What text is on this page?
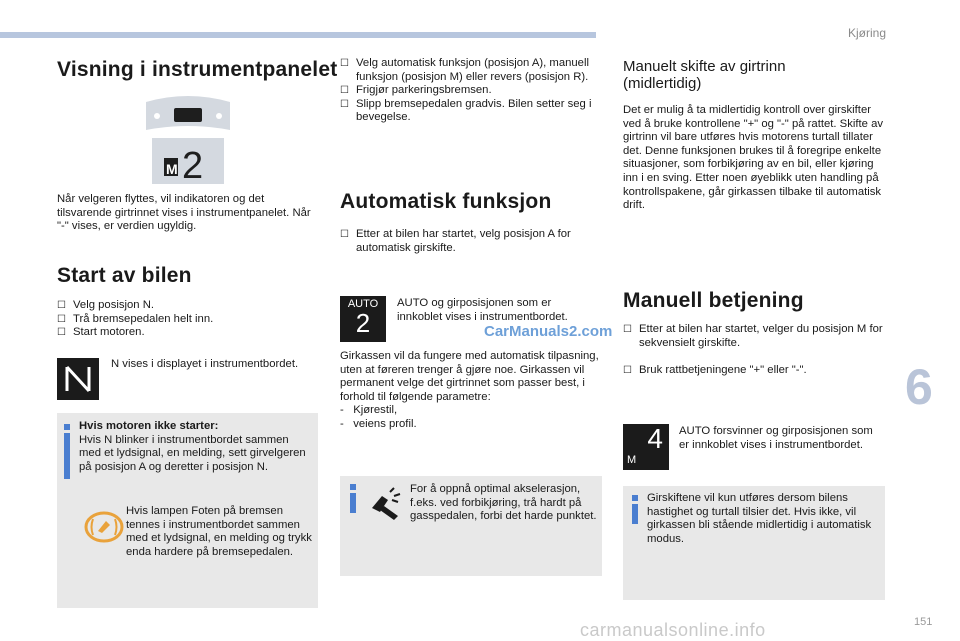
Kjøring
6
151
Visning i instrumentpanelet
M 2
Når velgeren flyttes, vil indikatoren og det tilsvarende girtrinnet vises i instrumentpanelet. Når "-" vises, er verdien ugyldig.
Start av bilen
☐ Velg posisjon N.
☐ Trå bremsepedalen helt inn.
☐ Start motoren.
N vises i displayet i instrumentbordet.
Hvis motoren ikke starter:
Hvis N blinker i instrumentbordet sammen med et lydsignal, en melding, sett girvelgeren på posisjon A og deretter i posisjon N.
Hvis lampen Foten på bremsen tennes i instrumentbordet sammen med et lydsignal, en melding og trykk enda hardere på bremsepedalen.
☐ Velg automatisk funksjon (posisjon A), manuell funksjon (posisjon M) eller revers (posisjon R).
☐ Frigjør parkeringsbremsen.
☐ Slipp bremsepedalen gradvis. Bilen setter seg i bevegelse.
Automatisk funksjon
☐ Etter at bilen har startet, velg posisjon A for automatisk girskifte.
AUTO
2
AUTO og girposisjonen som er innkoblet vises i instrumentbordet.
CarManuals2.com
Girkassen vil da fungere med automatisk tilpasning, uten at føreren trenger å gjøre noe. Girkassen vil permanent velge det girtrinnet som passer best, i forhold til følgende parametre:
-   Kjørestil,
-   veiens profil.
For å oppnå optimal akselerasjon, f.eks. ved forbikjøring, trå hardt på gasspedalen, forbi det harde punktet.
Manuelt skifte av girtrinn
(midlertidig)
Det er mulig å ta midlertidig kontroll over girskifter ved å bruke kontrollene "+" og "-" på rattet. Skifte av girtrinn vil bare utføres hvis motorens turtall tillater det. Denne funksjonen brukes til å foregripe enkelte situasjoner, som forbikjøring av en bil, eller kjøring inn i en sving. Etter noen øyeblikk uten handling på kontrollspakene, går girkassen tilbake til automatisk drift.
Manuell betjening
☐ Etter at bilen har startet, velger du posisjon M for sekvensielt girskifte.
☐ Bruk rattbetjeningene "+" eller "-".
4
M
AUTO forsvinner og girposisjonen som er innkoblet vises i instrumentbordet.
Girskiftene vil kun utføres dersom bilens hastighet og turtall tilsier det. Hvis ikke, vil girkassen bli stående midlertidig i automatisk modus.
carmanualsonline.info
